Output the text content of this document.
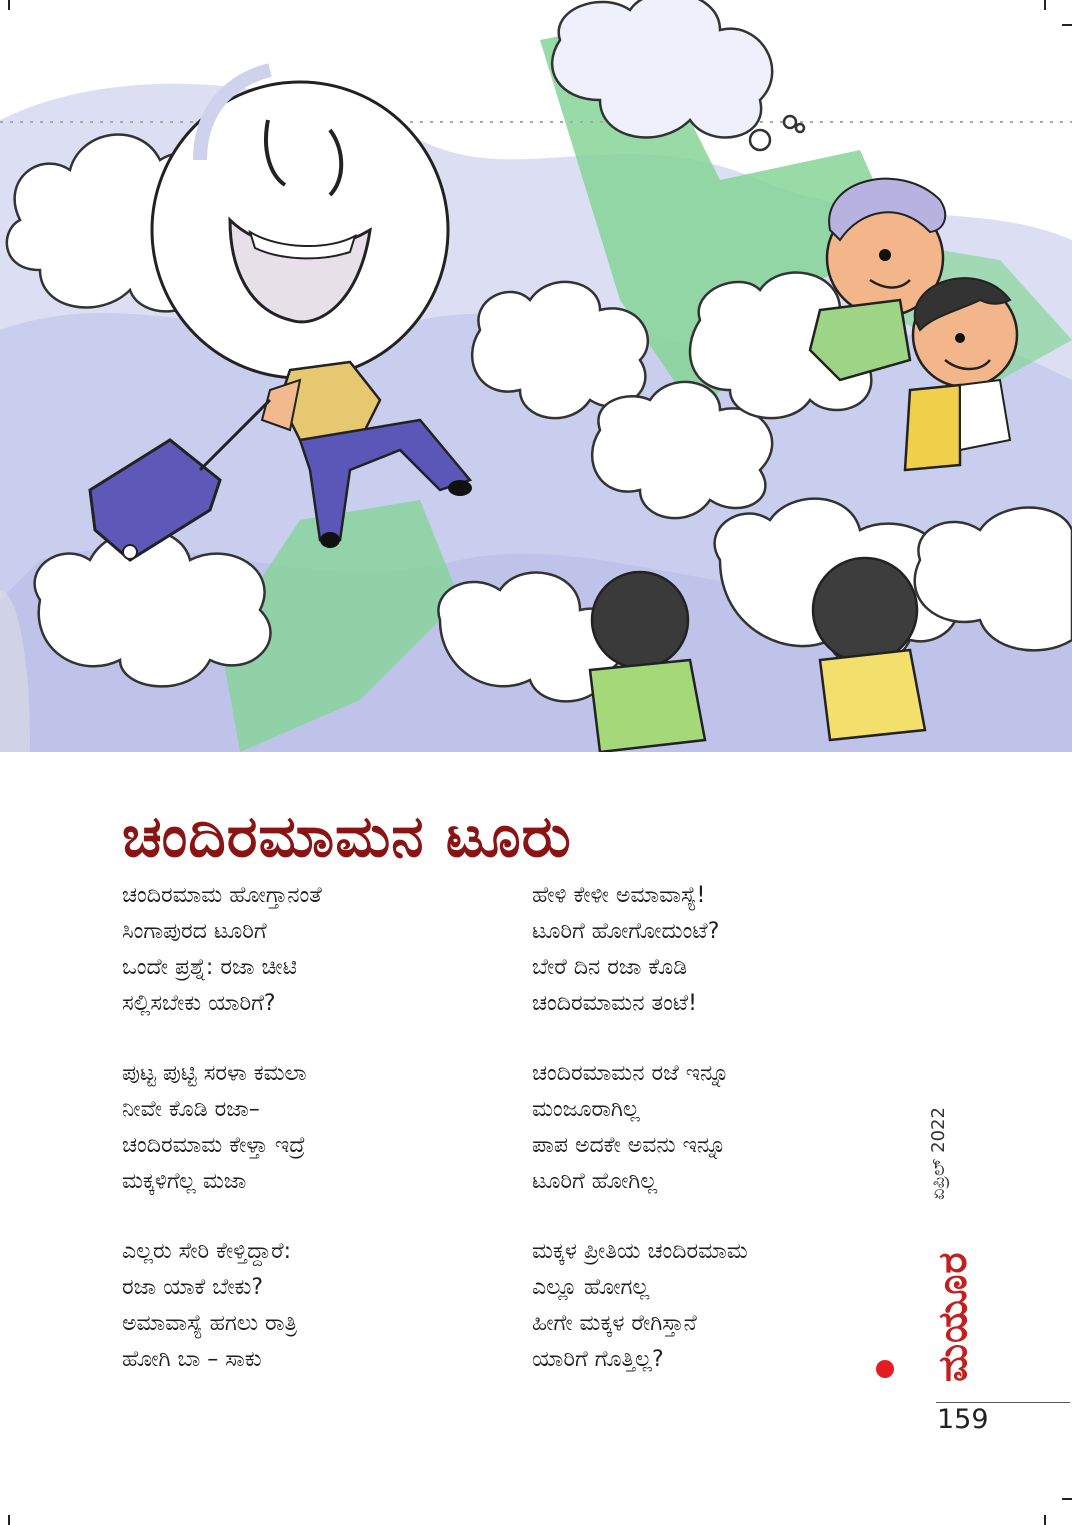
ಚಂದಿರಮಾಮನ ಟೂರು
ಚಂದಿರಮಾಮ ಹೋಗ್ತಾನಂತೆ
ಸಿಂಗಾಪುರದ ಟೂರಿಗೆ
ಒಂದೇ ಪ್ರಶ್ನೆ: ರಜಾ ಚೀಟಿ
ಸಲ್ಲಿಸಬೇಕು ಯಾರಿಗೆ?
ಪುಟ್ಟ ಪುಟ್ಟಿ ಸರಳಾ ಕಮಲಾ
ನೀವೇ ಕೊಡಿ ರಜಾ–
ಚಂದಿರಮಾಮ ಕೇಳ್ತಾ ಇದ್ರೆ
ಮಕ್ಕಳಿಗೆಲ್ಲ ಮಜಾ
ಎಲ್ಲರು ಸೇರಿ ಕೇಳ್ತಿದ್ದಾರೆ:
ರಜಾ ಯಾಕೆ ಬೇಕು?
ಅಮಾವಾಸ್ಯೆ ಹಗಲು ರಾತ್ರಿ
ಹೋಗಿ ಬಾ – ಸಾಕು
ಹೇಳಿ ಕೇಳೀ ಅಮಾವಾಸ್ಯೆ!
ಟೂರಿಗೆ ಹೋಗೋದುಂಟೆ?
ಬೇರೆ ದಿನ ರಜಾ ಕೊಡಿ
ಚಂದಿರಮಾಮನ ತಂಟೆ!
ಚಂದಿರಮಾಮನ ರಜೆ ಇನ್ನೂ
ಮಂಜೂರಾಗಿಲ್ಲ
ಪಾಪ ಅದಕೇ ಅವನು ಇನ್ನೂ
ಟೂರಿಗೆ ಹೋಗಿಲ್ಲ
ಮಕ್ಕಳ ಪ್ರೀತಿಯ ಚಂದಿರಮಾಮ
ಎಲ್ಲೂ ಹೋಗಲ್ಲ
ಹೀಗೇ ಮಕ್ಕಳ ರೇಗಿಸ್ತಾನೆ
ಯಾರಿಗೆ ಗೊತ್ತಿಲ್ಲ?
ಏಪ್ರಿಲ್ 2022
ಮಯೂರ
159
